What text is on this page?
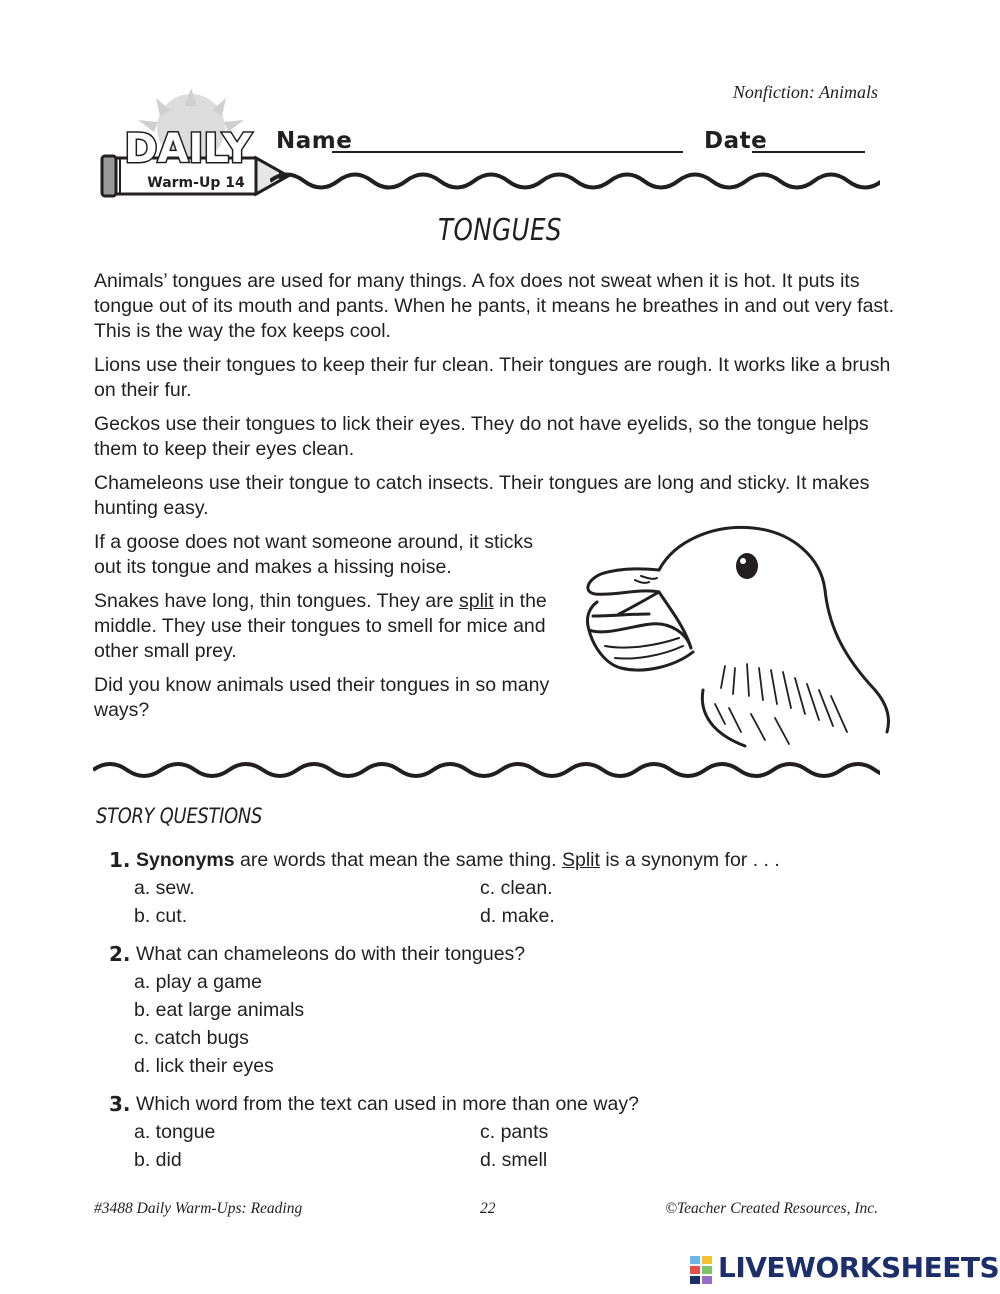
Nonfiction: Animals
DAILY
Warm-Up 14
Name	Date
TONGUES
Animals’ tongues are used for many things. A fox does not sweat when it is hot. It puts its tongue out of its mouth and pants. When he pants, it means he breathes in and out very fast. This is the way the fox keeps cool.
Lions use their tongues to keep their fur clean. Their tongues are rough. It works like a brush on their fur.
Geckos use their tongues to lick their eyes. They do not have eyelids, so the tongue helps them to keep their eyes clean.
Chameleons use their tongue to catch insects. Their tongues are long and sticky. It makes hunting easy.
If a goose does not want someone around, it sticks out its tongue and makes a hissing noise.
Snakes have long, thin tongues. They are split in the middle. They use their tongues to smell for mice and other small prey.
Did you know animals used their tongues in so many ways?
STORY QUESTIONS
1. Synonyms are words that mean the same thing. Split is a synonym for . . .
a. sew.
b. cut.
c. clean.
d. make.
2. What can chameleons do with their tongues?
a. play a game
b. eat large animals
c. catch bugs
d. lick their eyes
3. Which word from the text can used in more than one way?
a. tongue
b. did
c. pants
d. smell
#3488 Daily Warm-Ups: Reading	22	©Teacher Created Resources, Inc.
LIVEWORKSHEETS
